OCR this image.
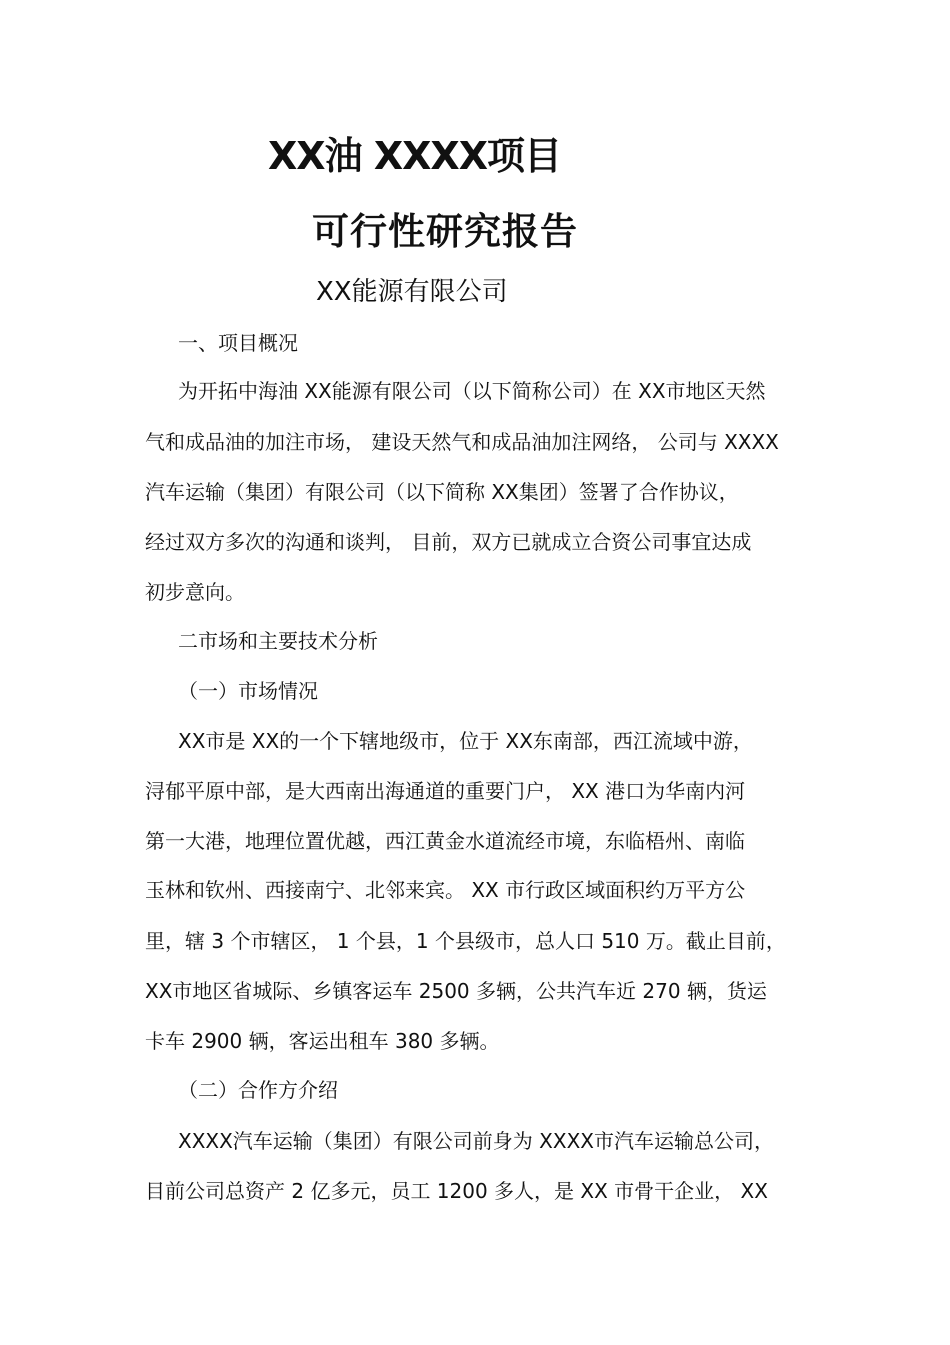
XX油 XXXX项目
可行性研究报告
XX能源有限公司
一、项目概况
为开拓中海油 XX能源有限公司（以下简称公司）在 XX市地区天然
气和成品油的加注市场， 建设天然气和成品油加注网络， 公司与 XXXX
汽车运输（集团）有限公司（以下简称 XX集团）签署了合作协议，
经过双方多次的沟通和谈判， 目前，双方已就成立合资公司事宜达成
初步意向。
二市场和主要技术分析
（一）市场情况
XX市是 XX的一个下辖地级市，位于 XX东南部，西江流域中游，
浔郁平原中部，是大西南出海通道的重要门户， XX 港口为华南内河
第一大港，地理位置优越，西江黄金水道流经市境，东临梧州、南临
玉林和钦州、西接南宁、北邻来宾。 XX 市行政区域面积约万平方公
里，辖 3 个市辖区， 1 个县，1 个县级市，总人口 510 万。截止目前，
XX市地区省城际、乡镇客运车 2500 多辆，公共汽车近 270 辆，货运
卡车 2900 辆，客运出租车 380 多辆。
（二）合作方介绍
XXXX汽车运输（集团）有限公司前身为 XXXX市汽车运输总公司，
目前公司总资产 2 亿多元，员工 1200 多人，是 XX 市骨干企业， XX
